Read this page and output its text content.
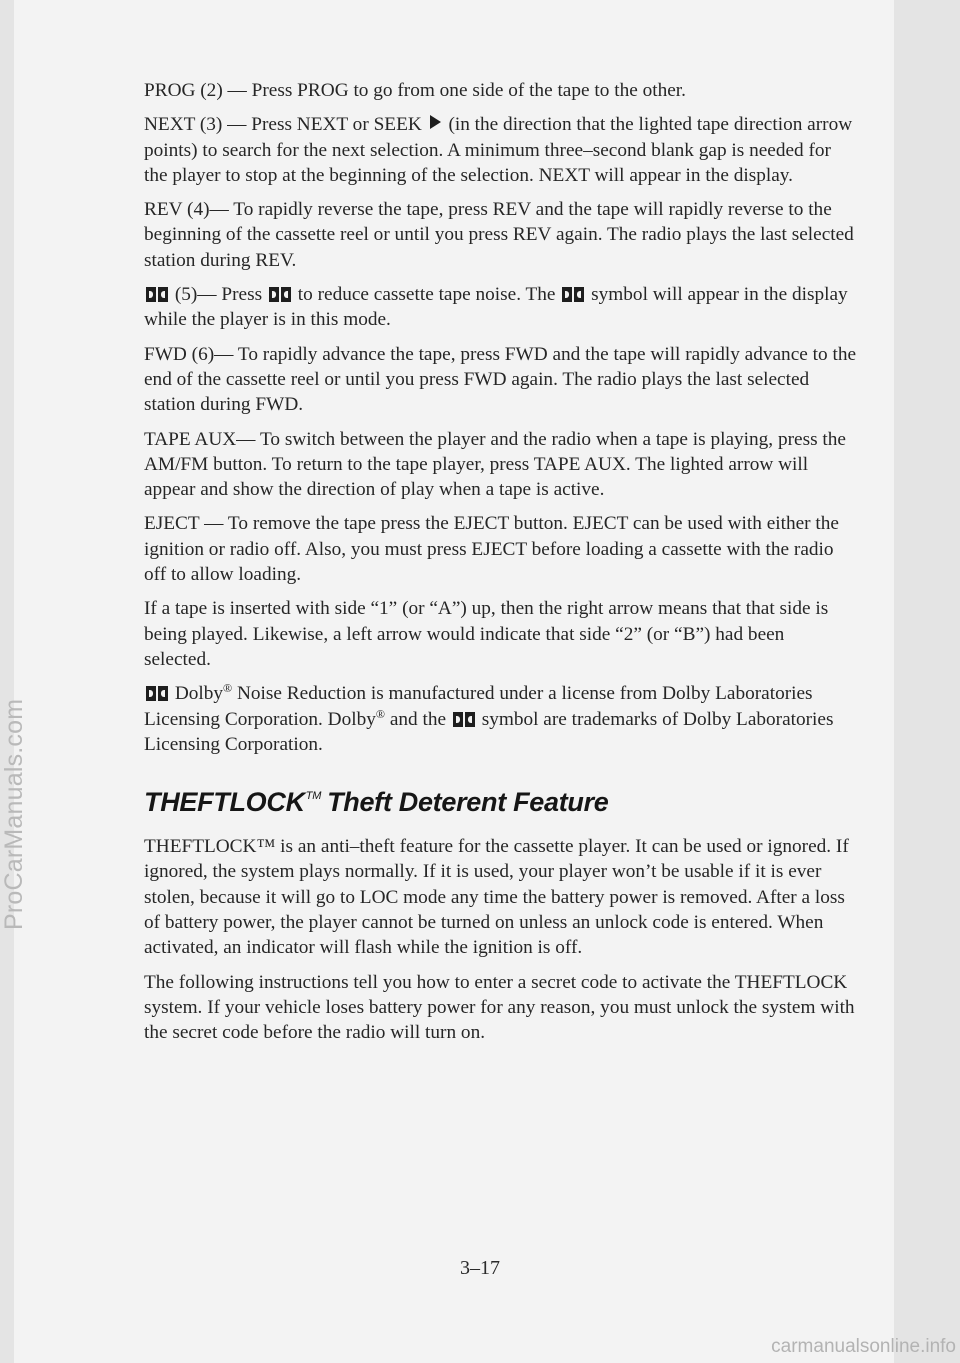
PROG (2) — Press PROG to go from one side of the tape to the other.

NEXT (3) — Press NEXT or SEEK (in the direction that the lighted tape direction arrow points) to search for the next selection. A minimum three–second blank gap is needed for the player to stop at the beginning of the selection. NEXT will appear in the display.

REV (4)— To rapidly reverse the tape, press REV and the tape will rapidly reverse to the beginning of the cassette reel or until you press REV again. The radio plays the last selected station during REV.

(5)— Press to reduce cassette tape noise. The symbol will appear in the display while the player is in this mode.

FWD (6)— To rapidly advance the tape, press FWD and the tape will rapidly advance to the end of the cassette reel or until you press FWD again. The radio plays the last selected station during FWD.

TAPE AUX— To switch between the player and the radio when a tape is playing, press the AM/FM button. To return to the tape player, press TAPE AUX. The lighted arrow will appear and show the direction of play when a tape is active.

EJECT — To remove the tape press the EJECT button. EJECT can be used with either the ignition or radio off. Also, you must press EJECT before loading a cassette with the radio off to allow loading.

If a tape is inserted with side “1” (or “A”) up, then the right arrow means that that side is being played. Likewise, a left arrow would indicate that side “2” (or “B”) had been selected.

Dolby® Noise Reduction is manufactured under a license from Dolby Laboratories Licensing Corporation. Dolby® and the symbol are trademarks of Dolby Laboratories Licensing Corporation.

THEFTLOCK™ Theft Deterent Feature

THEFTLOCK™ is an anti–theft feature for the cassette player. It can be used or ignored. If ignored, the system plays normally. If it is used, your player won’t be usable if it is ever stolen, because it will go to LOC mode any time the battery power is removed. After a loss of battery power, the player cannot be turned on unless an unlock code is entered. When activated, an indicator will flash while the ignition is off.

The following instructions tell you how to enter a secret code to activate the THEFTLOCK system. If your vehicle loses battery power for any reason, you must unlock the system with the secret code before the radio will turn on.

ProCarManuals.com
3–17
carmanualsonline.info
